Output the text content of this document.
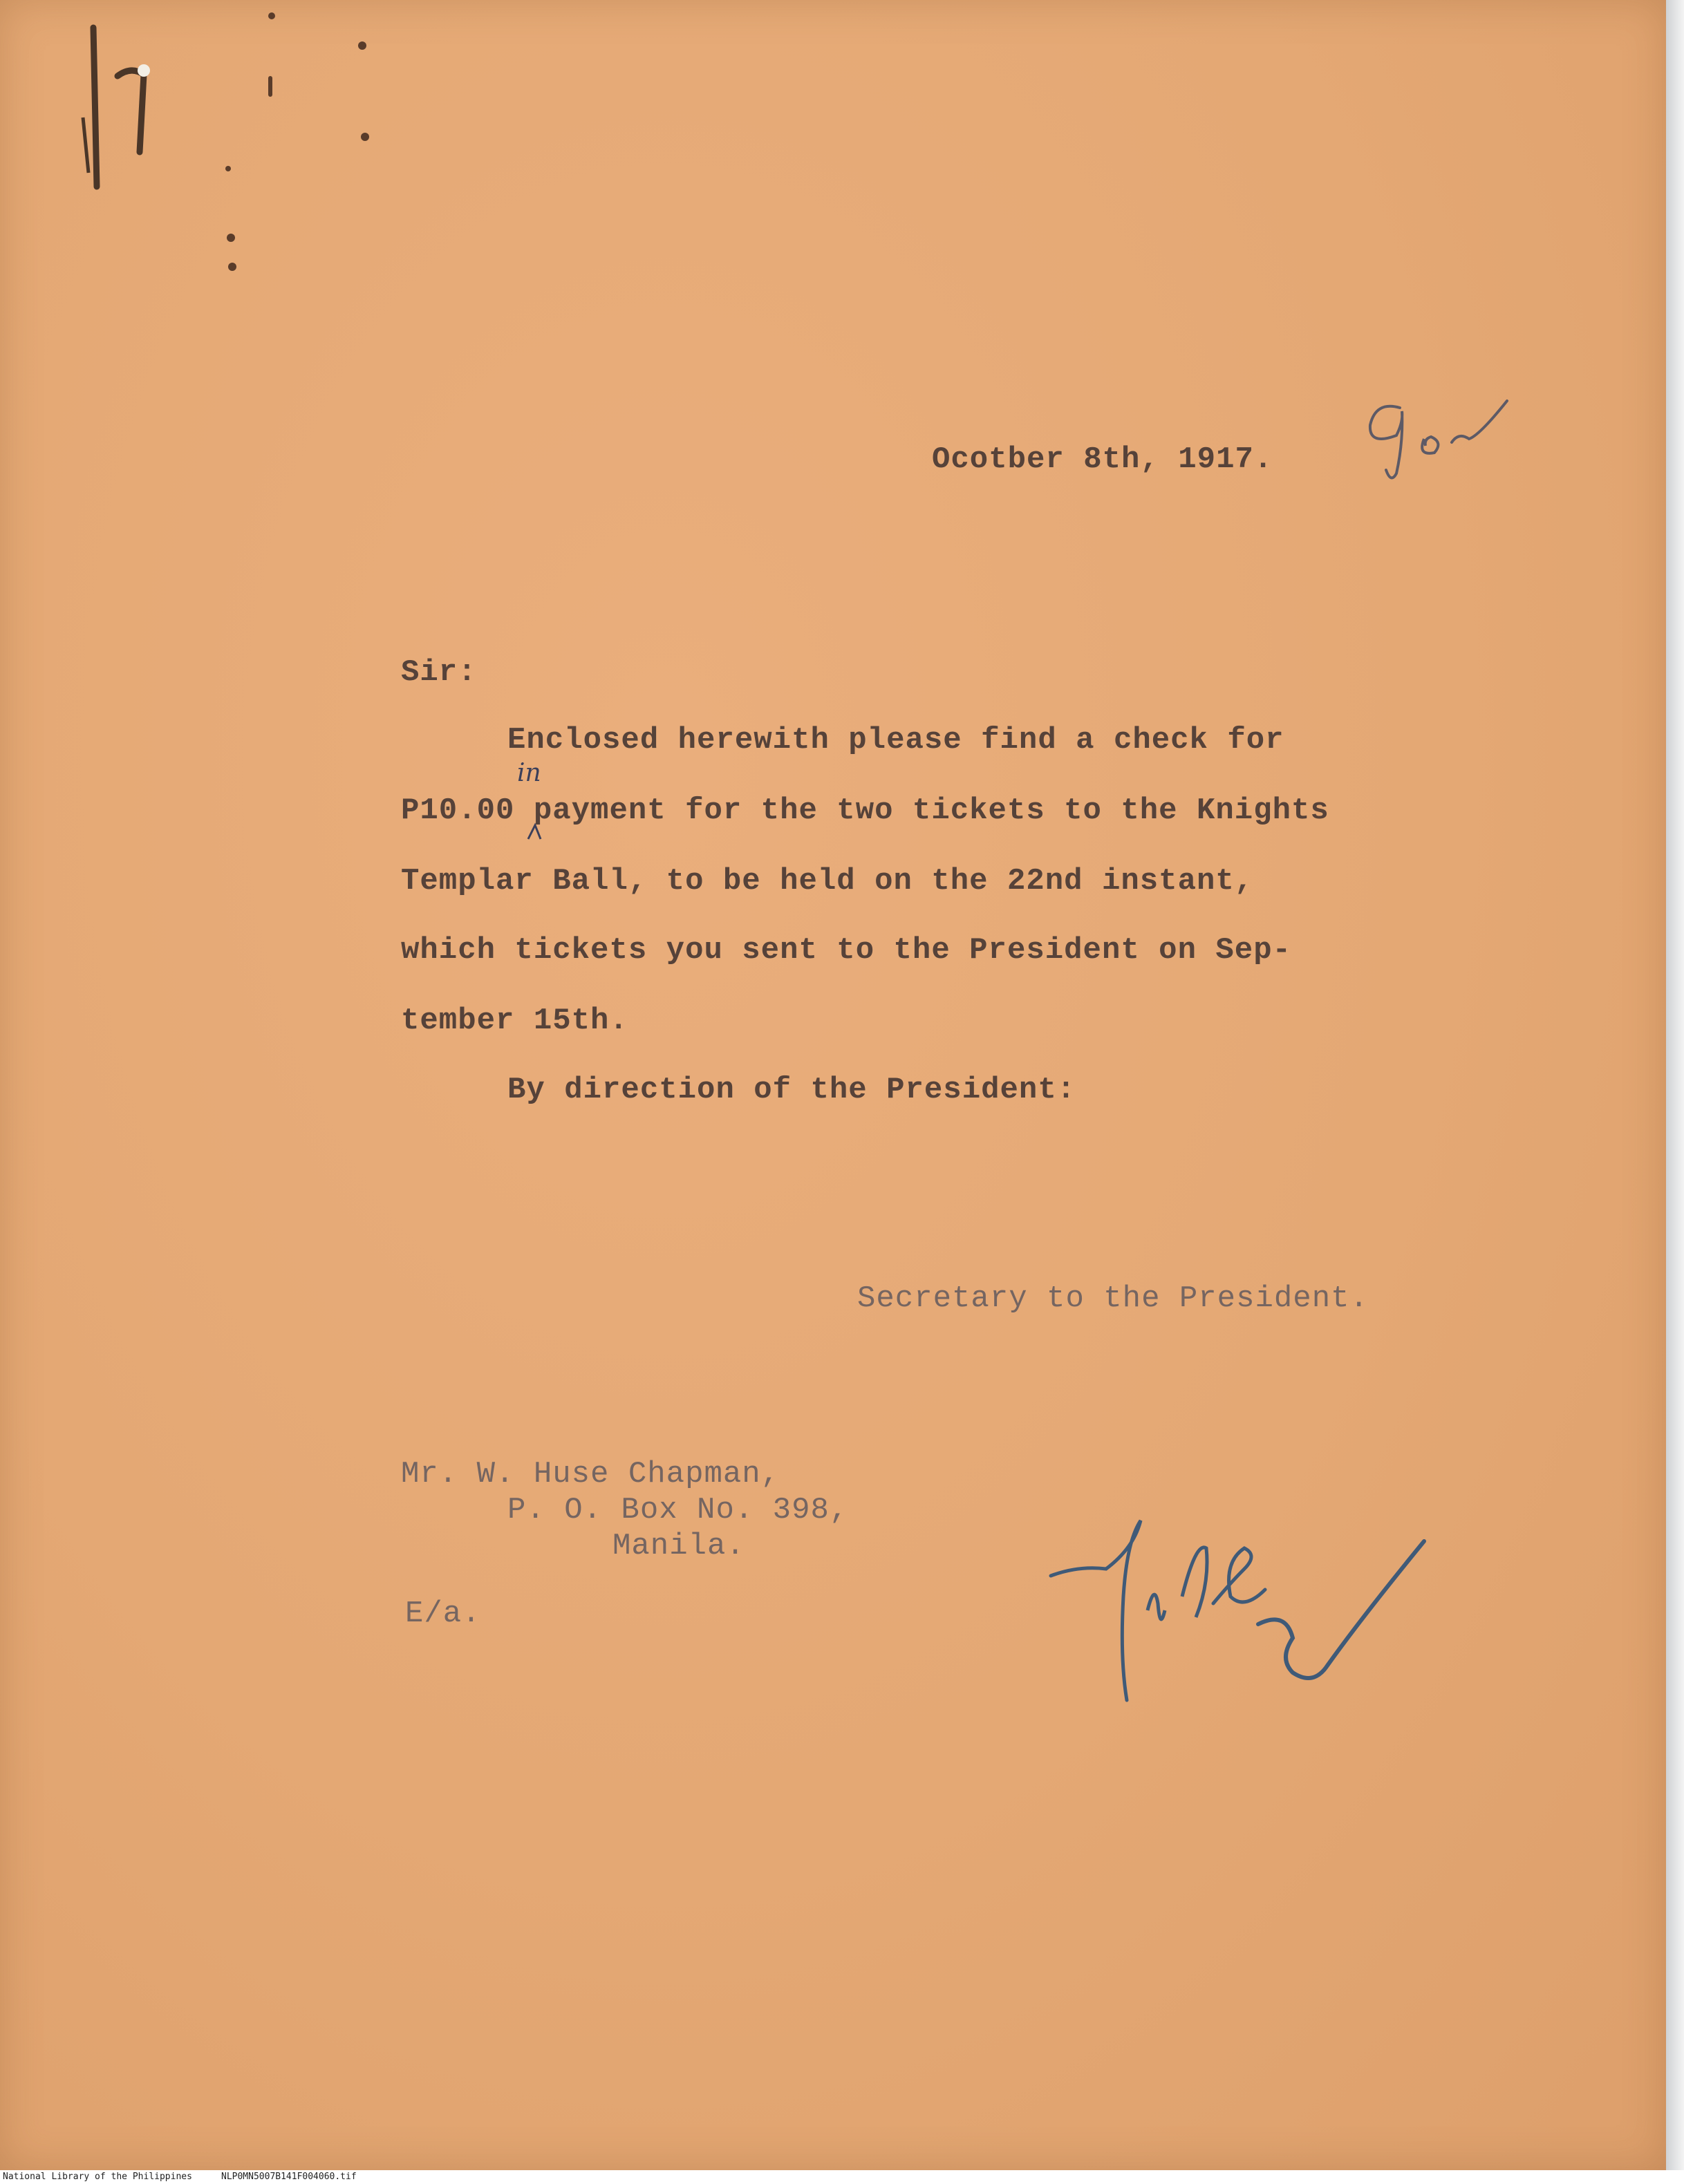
Ocotber 8th, 1917.
Sir:
Enclosed herewith please find a check for
in
P10.00 payment for the two tickets to the Knights
Templar Ball, to be held on the 22nd instant,
which tickets you sent to the President on Sep-
tember 15th.
By direction of the President:
Secretary to the President.
Mr. W. Huse Chapman,
P. O. Box No. 398,
Manila.
E/a.
National Library of the Philippines	NLP0MN5007B141F004060.tif
